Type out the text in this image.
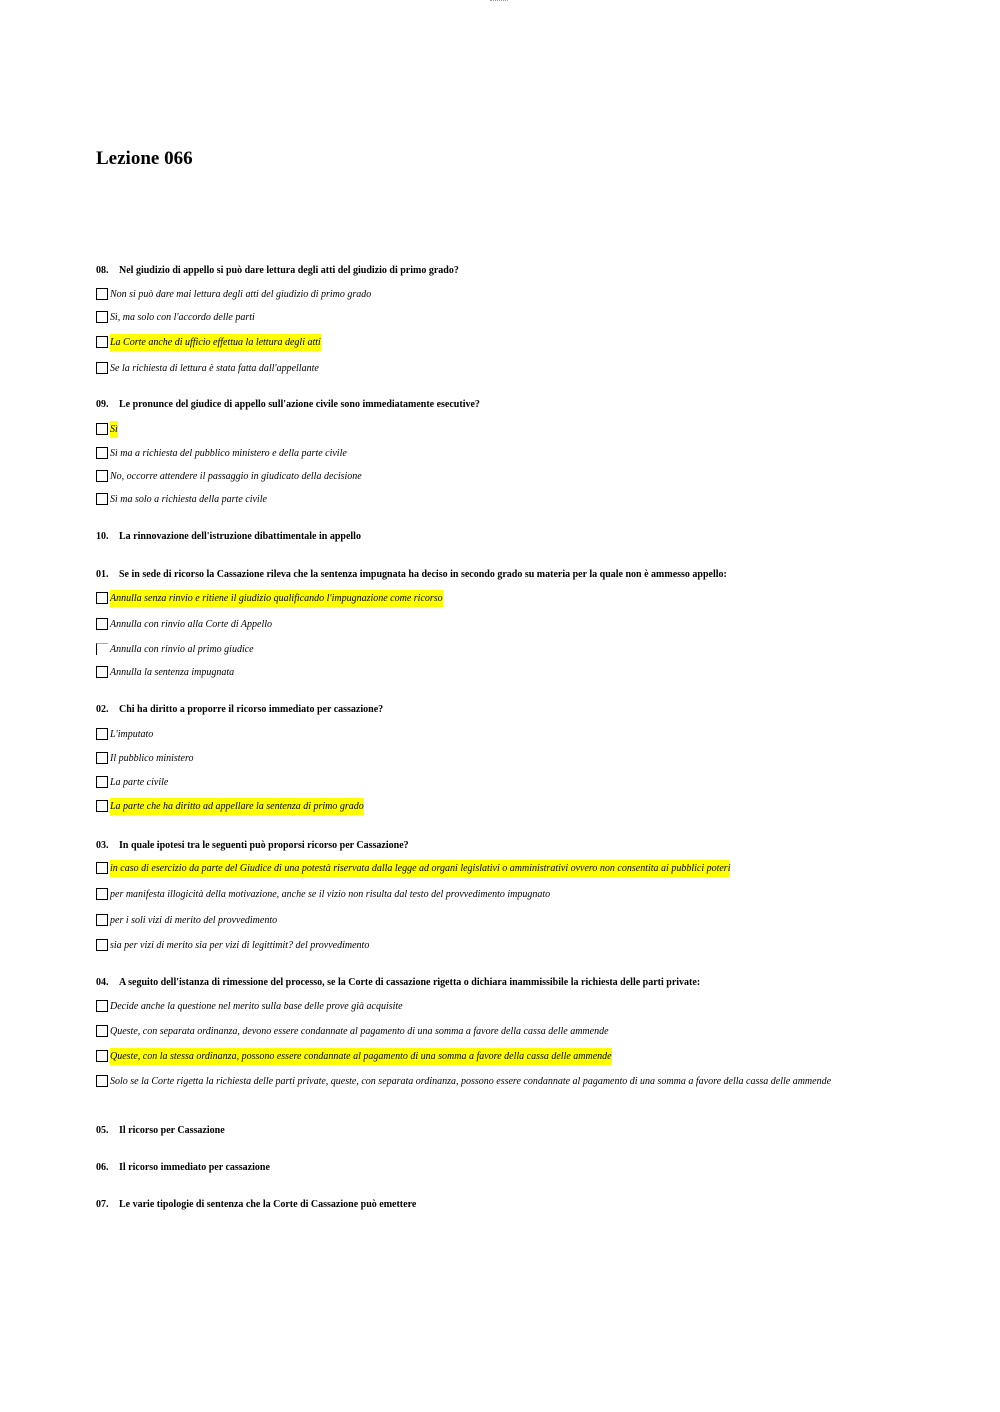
Lezione 066
08. Nel giudizio di appello si può dare lettura degli atti del giudizio di primo grado?
Non si può dare mai lettura degli atti del giudizio di primo grado
Sì, ma solo con l'accordo delle parti
La Corte anche di ufficio effettua la lettura degli atti
Se la richiesta di lettura è stata fatta dall'appellante
09. Le pronunce del giudice di appello sull'azione civile sono immediatamente esecutive?
Sì
Sì ma a richiesta del pubblico ministero e della parte civile
No, occorre attendere il passaggio in giudicato della decisione
Sì ma solo a richiesta della parte civile
10. La rinnovazione dell'istruzione dibattimentale in appello
01. Se in sede di ricorso la Cassazione rileva che la sentenza impugnata ha deciso in secondo grado su materia per la quale non è ammesso appello:
Annulla senza rinvio e ritiene il giudizio qualificando l'impugnazione come ricorso
Annulla con rinvio alla Corte di Appello
Annulla con rinvio al primo giudice
Annulla la sentenza impugnata
02. Chi ha diritto a proporre il ricorso immediato per cassazione?
L'imputato
Il pubblico ministero
La parte civile
La parte che ha diritto ad appellare la sentenza di primo grado
03. In quale ipotesi tra le seguenti può proporsi ricorso per Cassazione?
in caso di esercizio da parte del Giudice di una potestà riservata dalla legge ad organi legislativi o amministrativi ovvero non consentita ai pubblici poteri
per manifesta illogicità della motivazione, anche se il vizio non risulta dal testo del provvedimento impugnato
per i soli vizi di merito del provvedimento
sia per vizi di merito sia per vizi di legittimit? del provvedimento
04. A seguito dell'istanza di rimessione del processo, se la Corte di cassazione rigetta o dichiara inammissibile la richiesta delle parti private:
Decide anche la questione nel merito sulla base delle prove già acquisite
Queste, con separata ordinanza, devono essere condannate al pagamento di una somma a favore della cassa delle ammende
Queste, con la stessa ordinanza, possono essere condannate al pagamento di una somma a favore della cassa delle ammende
Solo se la Corte rigetta la richiesta delle parti private, queste, con separata ordinanza, possono essere condannate al pagamento di una somma a favore della cassa delle ammende
05. Il ricorso per Cassazione
06. Il ricorso immediato per cassazione
07. Le varie tipologie di sentenza che la Corte di Cassazione può emettere
